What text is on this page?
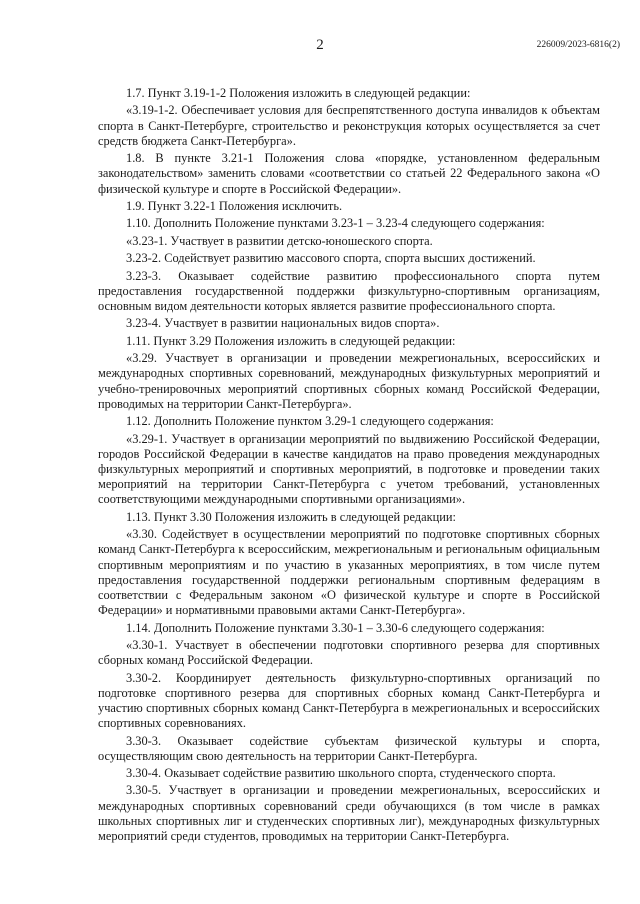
2	226009/2023-6816(2)

1.7. Пункт 3.19-1-2 Положения изложить в следующей редакции:

«3.19-1-2. Обеспечивает условия для беспрепятственного доступа инвалидов к объектам спорта в Санкт-Петербурге, строительство и реконструкция которых осуществляется за счет средств бюджета Санкт-Петербурга».

1.8. В пункте 3.21-1 Положения слова «порядке, установленном федеральным законодательством» заменить словами «соответствии со статьей 22 Федерального закона «О физической культуре и спорте в Российской Федерации».

1.9. Пункт 3.22-1 Положения исключить.

1.10. Дополнить Положение пунктами 3.23-1 – 3.23-4 следующего содержания:

«3.23-1. Участвует в развитии детско-юношеского спорта.

3.23-2. Содействует развитию массового спорта, спорта высших достижений.

3.23-3. Оказывает содействие развитию профессионального спорта путем предоставления государственной поддержки физкультурно-спортивным организациям, основным видом деятельности которых является развитие профессионального спорта.

3.23-4. Участвует в развитии национальных видов спорта».

1.11. Пункт 3.29 Положения изложить в следующей редакции:

«3.29. Участвует в организации и проведении межрегиональных, всероссийских и международных спортивных соревнований, международных физкультурных мероприятий и учебно-тренировочных мероприятий спортивных сборных команд Российской Федерации, проводимых на территории Санкт-Петербурга».

1.12. Дополнить Положение пунктом 3.29-1 следующего содержания:

«3.29-1. Участвует в организации мероприятий по выдвижению Российской Федерации, городов Российской Федерации в качестве кандидатов на право проведения международных физкультурных мероприятий и спортивных мероприятий, в подготовке и проведении таких мероприятий на территории Санкт-Петербурга с учетом требований, установленных соответствующими международными спортивными организациями».

1.13. Пункт 3.30 Положения изложить в следующей редакции:

«3.30. Содействует в осуществлении мероприятий по подготовке спортивных сборных команд Санкт-Петербурга к всероссийским, межрегиональным и региональным официальным спортивным мероприятиям и по участию в указанных мероприятиях, в том числе путем предоставления государственной поддержки региональным спортивным федерациям в соответствии с Федеральным законом «О физической культуре и спорте в Российской Федерации» и нормативными правовыми актами Санкт-Петербурга».

1.14. Дополнить Положение пунктами 3.30-1 – 3.30-6 следующего содержания:

«3.30-1. Участвует в обеспечении подготовки спортивного резерва для спортивных сборных команд Российской Федерации.

3.30-2. Координирует деятельность физкультурно-спортивных организаций по подготовке спортивного резерва для спортивных сборных команд Санкт-Петербурга и участию спортивных сборных команд Санкт-Петербурга в межрегиональных и всероссийских спортивных соревнованиях.

3.30-3. Оказывает содействие субъектам физической культуры и спорта, осуществляющим свою деятельность на территории Санкт-Петербурга.

3.30-4. Оказывает содействие развитию школьного спорта, студенческого спорта.

3.30-5. Участвует в организации и проведении межрегиональных, всероссийских и международных спортивных соревнований среди обучающихся (в том числе в рамках школьных спортивных лиг и студенческих спортивных лиг), международных физкультурных мероприятий среди студентов, проводимых на территории Санкт-Петербурга.
